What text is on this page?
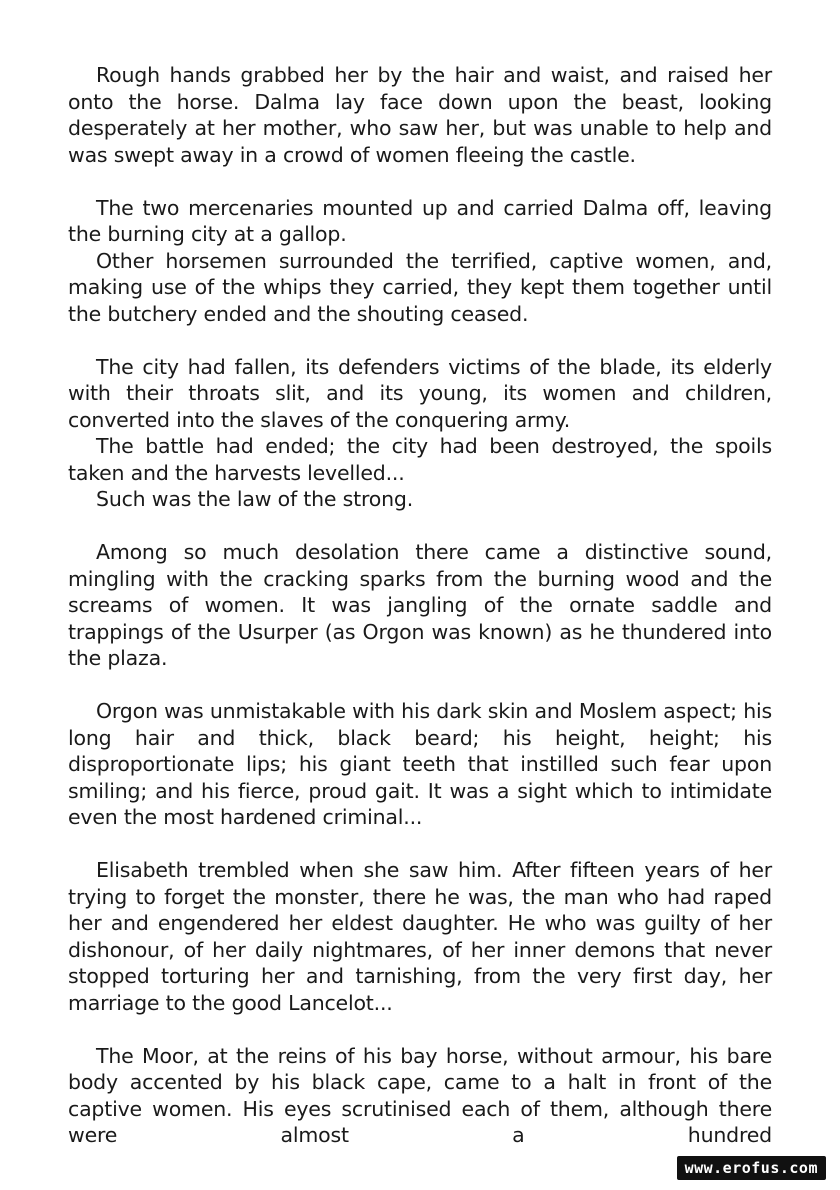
Rough hands grabbed her by the hair and waist, and raised her onto the horse. Dalma lay face down upon the beast, looking desperately at her mother, who saw her, but was unable to help and was swept away in a crowd of women fleeing the castle.

The two mercenaries mounted up and carried Dalma off, leaving the burning city at a gallop.

Other horsemen surrounded the terrified, captive women, and, making use of the whips they carried, they kept them together until the butchery ended and the shouting ceased.

The city had fallen, its defenders victims of the blade, its elderly with their throats slit, and its young, its women and children, converted into the slaves of the conquering army.

The battle had ended; the city had been destroyed, the spoils taken and the harvests levelled...

Such was the law of the strong.

Among so much desolation there came a distinctive sound, mingling with the cracking sparks from the burning wood and the screams of women. It was jangling of the ornate saddle and trappings of the Usurper (as Orgon was known) as he thundered into the plaza.

Orgon was unmistakable with his dark skin and Moslem aspect; his long hair and thick, black beard; his height, height; his disproportionate lips; his giant teeth that instilled such fear upon smiling; and his fierce, proud gait. It was a sight which to intimidate even the most hardened criminal...

Elisabeth trembled when she saw him. After fifteen years of her trying to forget the monster, there he was, the man who had raped her and engendered her eldest daughter. He who was guilty of her dishonour, of her daily nightmares, of her inner demons that never stopped torturing her and tarnishing, from the very first day, her marriage to the good Lancelot...

The Moor, at the reins of his bay horse, without armour, his bare body accented by his black cape, came to a halt in front of the captive women. His eyes scrutinised each of them, although there were almost a hundred

www.erofus.com
